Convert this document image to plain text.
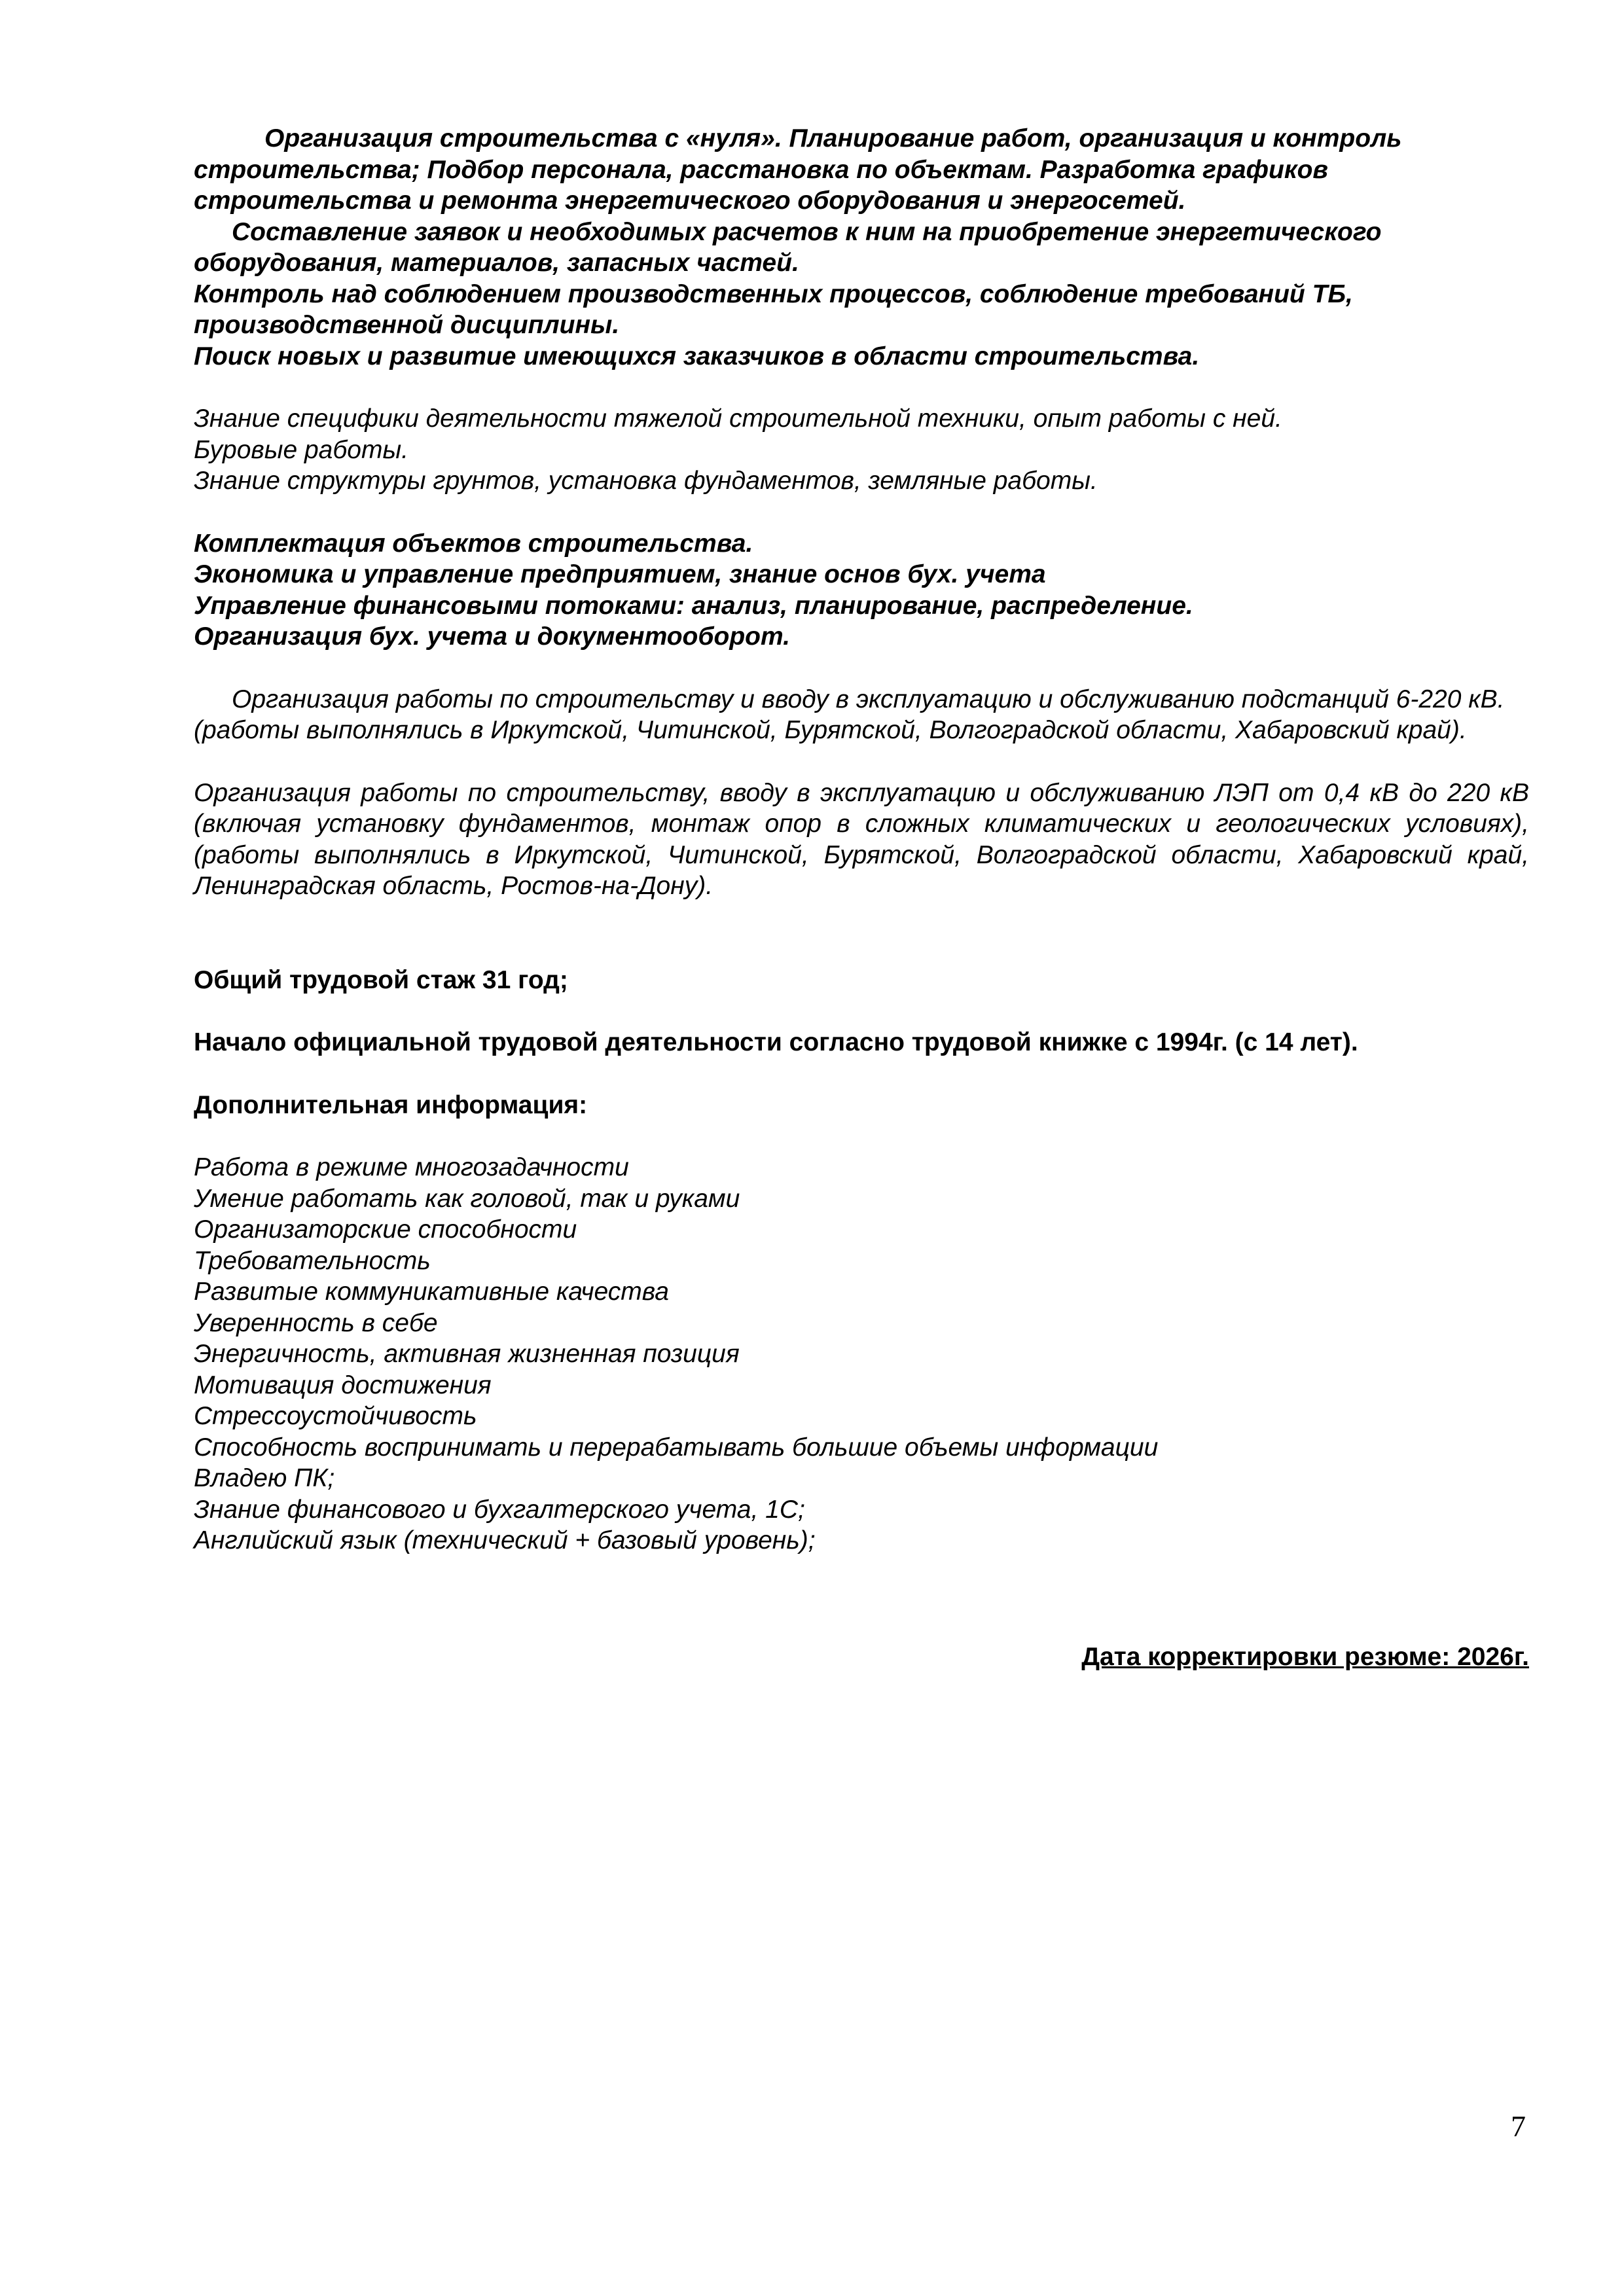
Организация строительства с «нуля». Планирование работ, организация и контроль строительства; Подбор персонала, расстановка по объектам. Разработка графиков строительства и ремонта энергетического оборудования и энергосетей.

Составление заявок и необходимых расчетов к ним на приобретение энергетического оборудования, материалов, запасных частей.

Контроль над соблюдением производственных процессов, соблюдение требований ТБ, производственной дисциплины.

Поиск новых и развитие имеющихся заказчиков в области строительства.

Знание специфики деятельности тяжелой строительной техники, опыт работы с ней.

Буровые работы.

Знание структуры грунтов, установка фундаментов, земляные работы.

Комплектация объектов строительства.

Экономика и управление предприятием, знание основ бух. учета

Управление финансовыми потоками: анализ, планирование, распределение.

Организация бух. учета и документооборот.

Организация работы по строительству и вводу в эксплуатацию и обслуживанию подстанций 6-220 кВ. (работы выполнялись в Иркутской, Читинской, Бурятской, Волгоградской области, Хабаровский край).

Организация работы по строительству, вводу в эксплуатацию и обслуживанию ЛЭП от 0,4 кВ до 220 кВ (включая установку фундаментов, монтаж опор в сложных климатических и геологических условиях), (работы выполнялись в Иркутской, Читинской, Бурятской, Волгоградской области, Хабаровский край, Ленинградская область, Ростов-на-Дону).

Общий трудовой стаж 31 год;

Начало официальной трудовой деятельности согласно трудовой книжке с 1994г. (с 14 лет).

Дополнительная информация:

Работа в режиме многозадачности

Умение работать как головой, так и руками

Организаторские способности

Требовательность

Развитые коммуникативные качества

Уверенность в себе

Энергичность, активная жизненная позиция

Мотивация достижения

Стрессоустойчивость

Способность воспринимать и перерабатывать большие объемы информации

Владею ПК;

Знание финансового и бухгалтерского учета, 1С;

Английский язык (технический + базовый уровень);

Дата корректировки резюме: 2026г.

7
